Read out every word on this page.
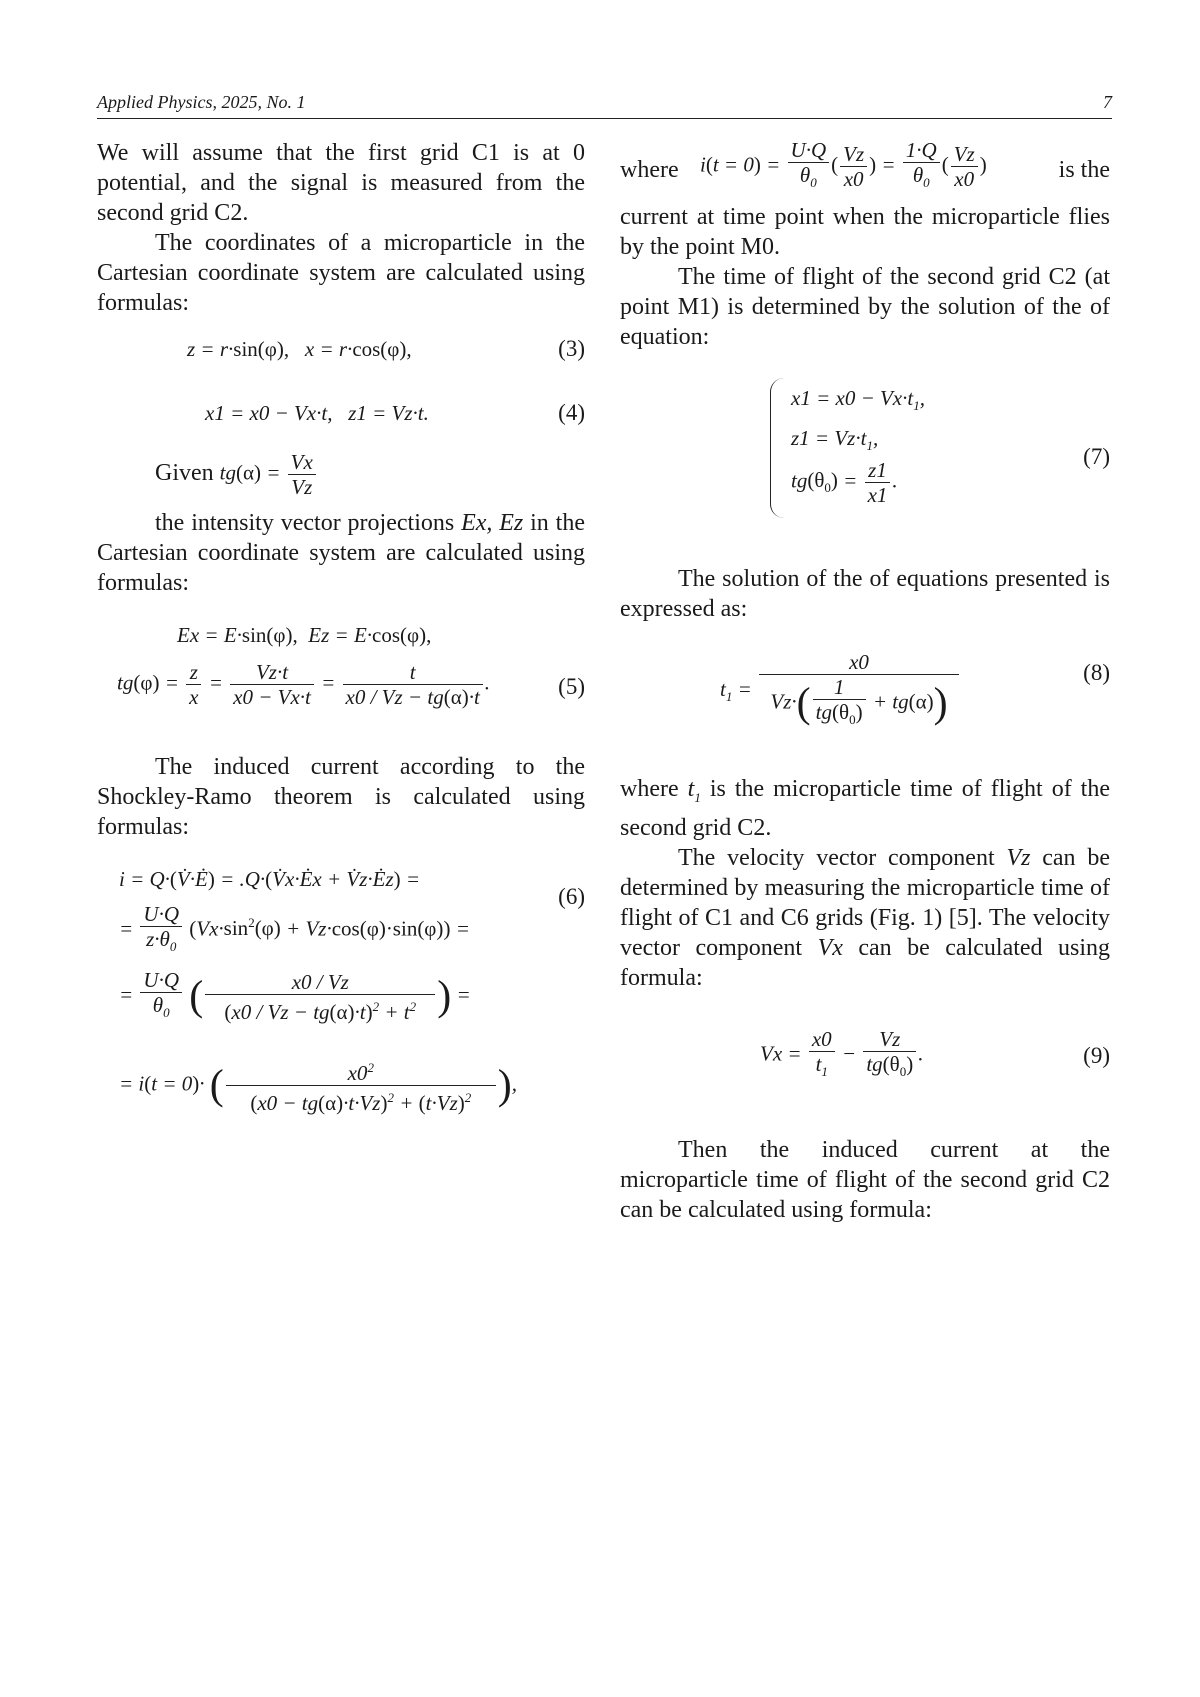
Applied Physics, 2025, No. 1	7

We will assume that the first grid C1 is at 0 potential, and the signal is measured from the second grid C2.

The coordinates of a microparticle in the Cartesian coordinate system are calculated using formulas:

z = r·sin(φ), x = r·cos(φ),	(3)
x1 = x0 − Vx·t,   z1 = Vz·t.	(4)
Given $tg(\alpha) = \frac{Vx}{Vz}$

the intensity vector projections Ex, Ez in the Cartesian coordinate system are calculated using formulas:

Ex = E·sin(φ),  Ez = E·cos(φ),
$tg(\varphi) = \frac{z}{x} = \frac{Vz\cdot t}{x0 - Vx\cdot t} = \frac{t}{x0 / Vz - tg(\alpha)\cdot t}$ .	(5)

The induced current according to the Shockley-Ramo theorem is calculated using formulas:

i = Q·(V̇·Ė) = .Q·(V̇x·Ėx + V̇z·Ėz) =
= $\frac{U\cdot Q}{z\cdot\theta_0} (Vx\cdot\sin^2(\varphi) + Vz\cdot\cos(\varphi)\cdot\sin(\varphi))$ =
= $\frac{U\cdot Q}{\theta_0}$ ( $\frac{x0 / Vz}{(x0 / Vz - tg(\alpha)\cdot t)^2 + t^2}$ ) =
(6)
= i(t = 0)· ( $\frac{x0^2}{(x0 - tg(\alpha)\cdot t\cdot Vz)^2 + (t\cdot Vz)^2}$ ),
where $i(t = 0) = \frac{U\cdot Q}{\theta_0}$ ( $\frac{Vz}{x0}$ ) = $\frac{1\cdot Q}{\theta_0}$ ( $\frac{Vz}{x0}$ )	is the

current at time point when the microparticle flies by the point M0.

The time of flight of the second grid C2 (at point M1) is determined by the solution of the of equation:

$x1 = x0 - Vx\cdot t_1$,
$z1 = Vz\cdot t_1$,
$tg(\theta_0) = \frac{z1}{x1}$ .
(7)

The solution of the of equations presented is expressed as:

$t_1 = \frac{x0}{Vz\cdot( \frac{1}{tg(\theta_0)} + tg(\alpha))}$	(8)

where $t_1$ is the microparticle time of flight of the second grid C2.

The velocity vector component Vz can be determined by measuring the microparticle time of flight of C1 and C6 grids (Fig. 1) [5]. The velocity vector component Vx can be calculated using formula:

$Vx = \frac{x0}{t_1} - \frac{Vz}{tg(\theta_0)}$ .	(9)

Then the induced current at the microparticle time of flight of the second grid C2 can be calculated using formula:
